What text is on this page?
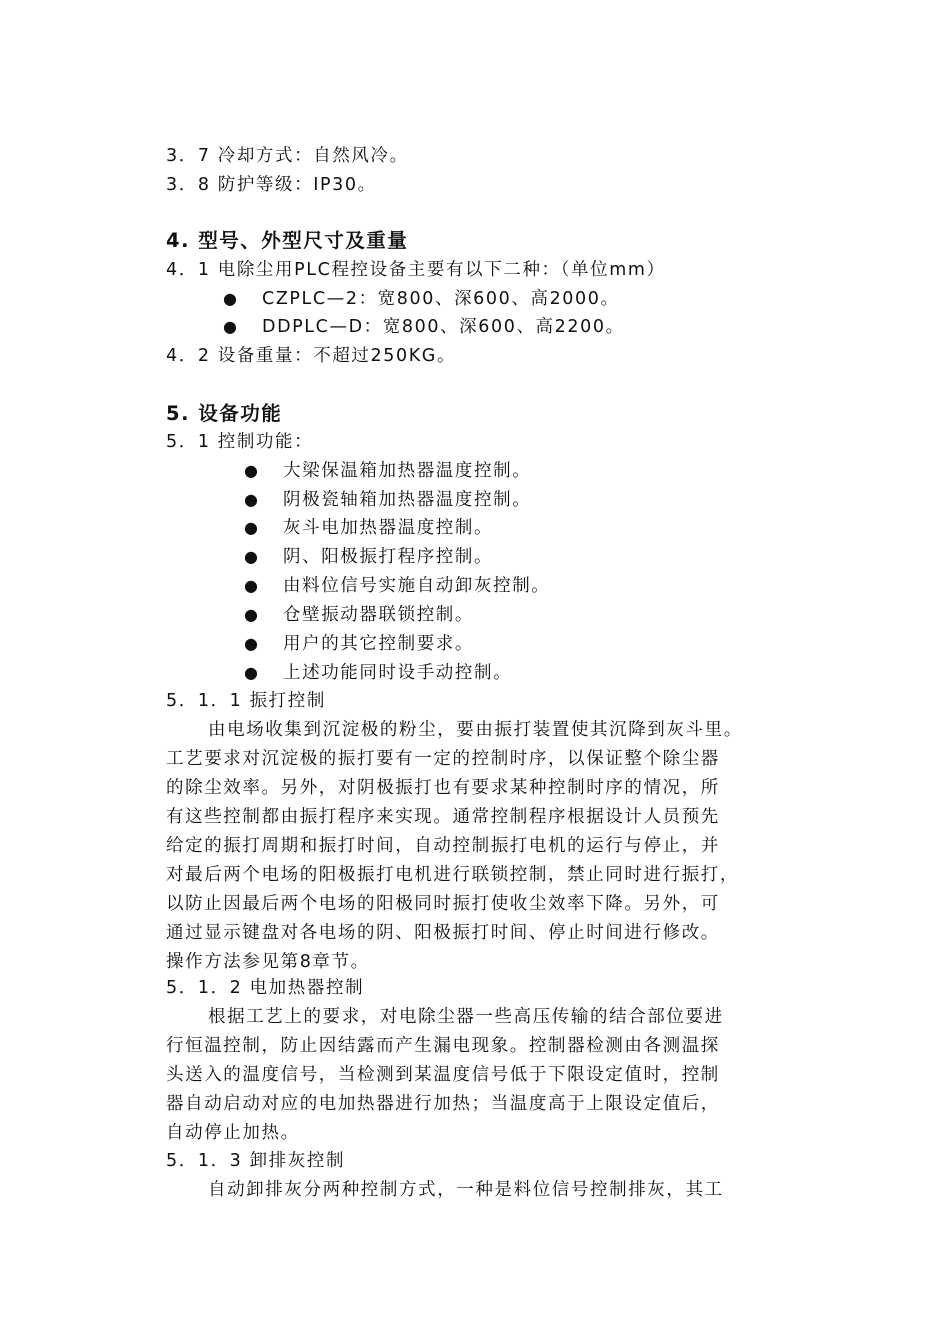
3．7 冷却方式：自然风冷。
3．8 防护等级：IP30。
4. 型号、外型尺寸及重量
4．1 电除尘用PLC程控设备主要有以下二种：（单位mm）
● CZPLC—2：宽800、深600、高2000。
● DDPLC—D：宽800、深600、高2200。
4．2 设备重量：不超过250KG。
5. 设备功能
5．1 控制功能：
● 大梁保温箱加热器温度控制。
● 阴极瓷轴箱加热器温度控制。
● 灰斗电加热器温度控制。
● 阴、阳极振打程序控制。
● 由料位信号实施自动卸灰控制。
● 仓壁振动器联锁控制。
● 用户的其它控制要求。
● 上述功能同时设手动控制。
5．1．1 振打控制
由电场收集到沉淀极的粉尘，要由振打装置使其沉降到灰斗里。
工艺要求对沉淀极的振打要有一定的控制时序，以保证整个除尘器
的除尘效率。另外，对阴极振打也有要求某种控制时序的情况，所
有这些控制都由振打程序来实现。通常控制程序根据设计人员预先
给定的振打周期和振打时间，自动控制振打电机的运行与停止，并
对最后两个电场的阳极振打电机进行联锁控制，禁止同时进行振打，
以防止因最后两个电场的阳极同时振打使收尘效率下降。另外，可
通过显示键盘对各电场的阴、阳极振打时间、停止时间进行修改。
操作方法参见第8章节。
5．1．2 电加热器控制
根据工艺上的要求，对电除尘器一些高压传输的结合部位要进
行恒温控制，防止因结露而产生漏电现象。控制器检测由各测温探
头送入的温度信号，当检测到某温度信号低于下限设定值时，控制
器自动启动对应的电加热器进行加热；当温度高于上限设定值后，
自动停止加热。
5．1．3 卸排灰控制
自动卸排灰分两种控制方式，一种是料位信号控制排灰，其工
